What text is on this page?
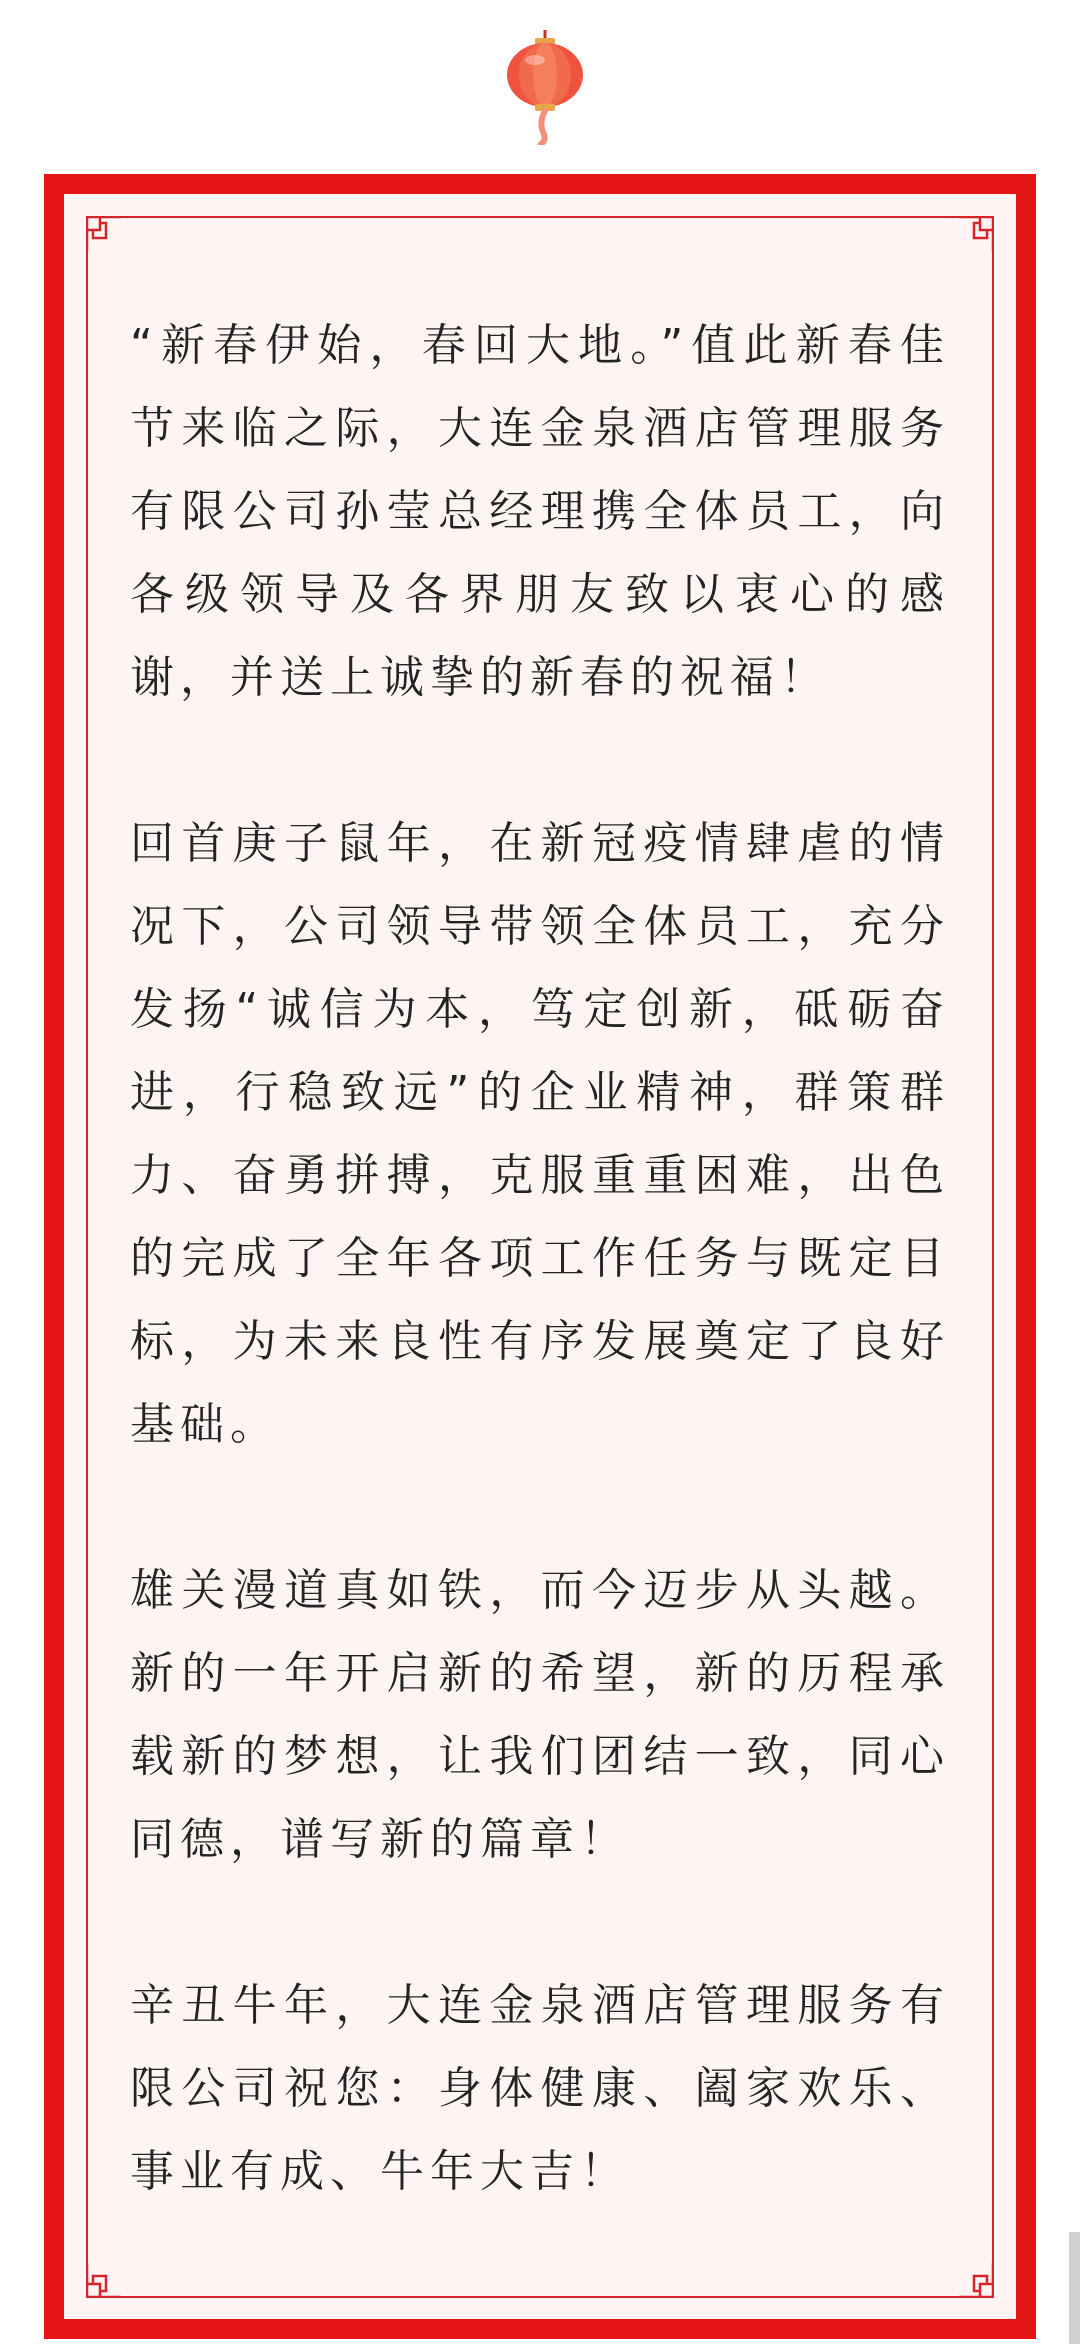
“新春伊始，春回大地。”值此新春佳节来临之际，大连金泉酒店管理服务有限公司孙莹总经理携全体员工，向各级领导及各界朋友致以衷心的感谢，并送上诚挚的新春的祝福！

回首庚子鼠年，在新冠疫情肆虐的情况下，公司领导带领全体员工，充分发扬“诚信为本，笃定创新，砥砺奋进，行稳致远”的企业精神，群策群力、奋勇拼搏，克服重重困难，出色的完成了全年各项工作任务与既定目标，为未来良性有序发展奠定了良好基础。

雄关漫道真如铁，而今迈步从头越。新的一年开启新的希望，新的历程承载新的梦想，让我们团结一致，同心同德，谱写新的篇章！

辛丑牛年，大连金泉酒店管理服务有限公司祝您：身体健康、阖家欢乐、事业有成、牛年大吉！
